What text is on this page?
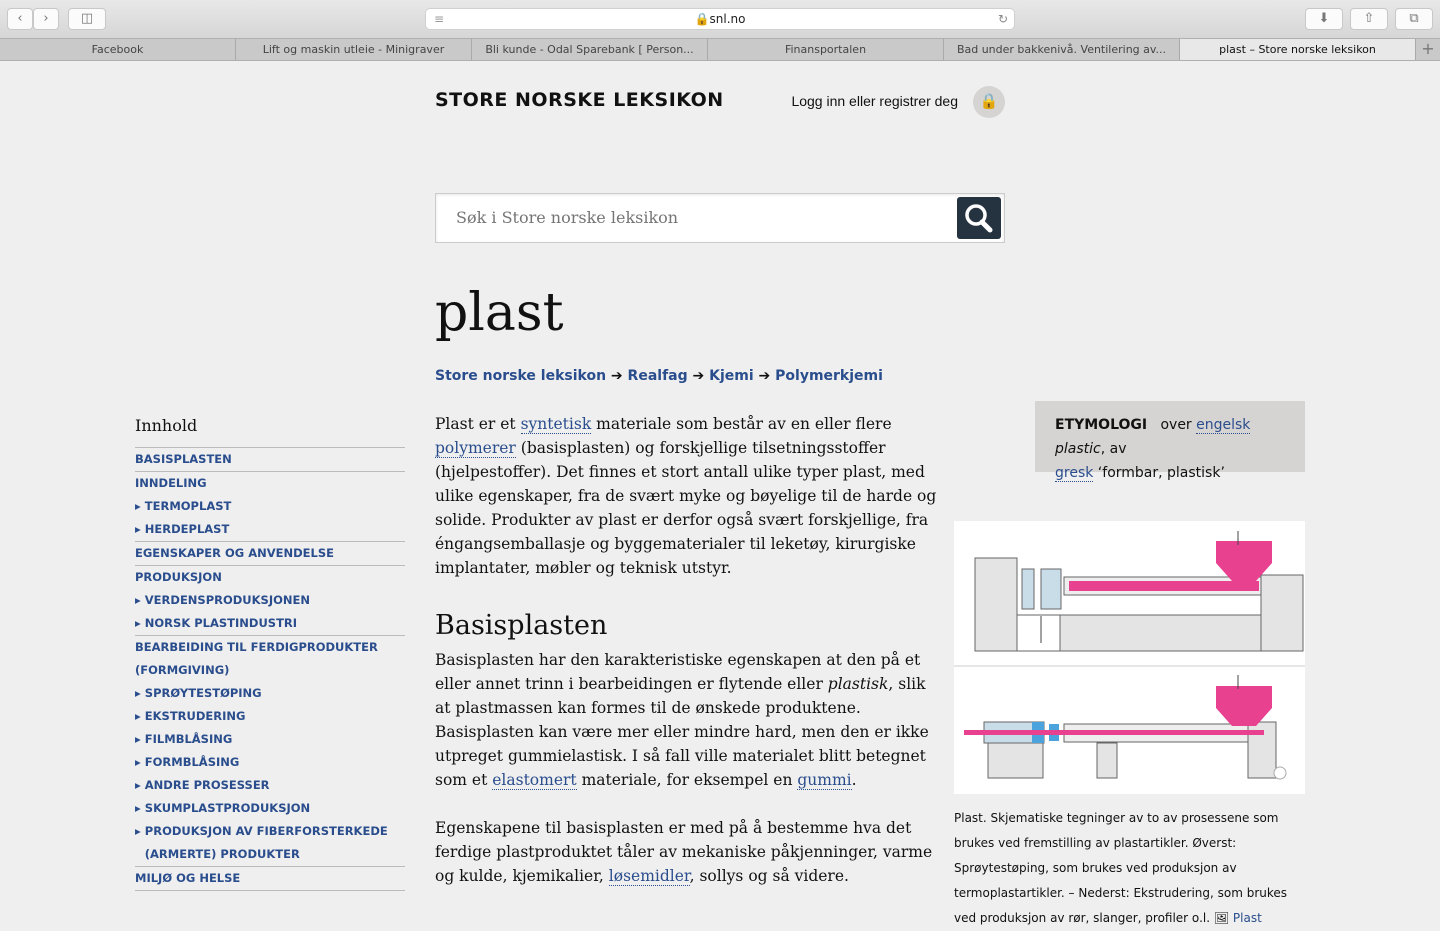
‹	›	◫	≡	🔒snl.no	↻	⬇	⇧	⧉
Facebook	Lift og maskin utleie - Minigraver	Bli kunde - Odal Sparebank [ Person...	Finansportalen	Bad under bakkenivå. Ventilering av...	plast – Store norske leksikon	+
STORE NORSKE LEKSIKON	Logg inn eller registrer deg	🔒
Søk i Store norske leksikon
plast
Store norske leksikon ➔ Realfag ➔ Kjemi ➔ Polymerkjemi
Innhold
BASISPLASTEN
INNDELING
▸ TERMOPLAST
▸ HERDEPLAST
EGENSKAPER OG ANVENDELSE
PRODUKSJON
▸ VERDENSPRODUKSJONEN
▸ NORSK PLASTINDUSTRI
BEARBEIDING TIL FERDIGPRODUKTER (FORMGIVING)
▸ SPRØYTESTØPING
▸ EKSTRUDERING
▸ FILMBLÅSING
▸ FORMBLÅSING
▸ ANDRE PROSESSER
▸ SKUMPLASTPRODUKSJON
▸ PRODUKSJON AV FIBERFORSTERKEDE (ARMERTE) PRODUKTER
MILJØ OG HELSE

Plast er et syntetisk materiale som består av en eller flere polymerer (basisplasten) og forskjellige tilsetningsstoffer (hjelpestoffer). Det finnes et stort antall ulike typer plast, med ulike egenskaper, fra de svært myke og bøyelige til de harde og solide. Produkter av plast er derfor også svært forskjellige, fra éngangsemballasje og byggematerialer til leketøy, kirurgiske implantater, møbler og teknisk utstyr.

Basisplasten

Basisplasten har den karakteristiske egenskapen at den på et eller annet trinn i bearbeidingen er flytende eller plastisk, slik at plastmassen kan formes til de ønskede produktene. Basisplasten kan være mer eller mindre hard, men den er ikke utpreget gummielastisk. I så fall ville materialet blitt betegnet som et elastomert materiale, for eksempel en gummi.

Egenskapene til basisplasten er med på å bestemme hva det ferdige plastproduktet tåler av mekaniske påkjenninger, varme og kulde, kjemikalier, løsemidler, sollys og så videre.

ETYMOLOGI over engelsk plastic, av
gresk ‘formbar, plastisk’
Plast. Skjematiske tegninger av to av prosessene som brukes ved fremstilling av plastartikler. Øverst: Sprøytestøping, som brukes ved produksjon av termoplastartikler. – Nederst: Ekstrudering, som brukes ved produksjon av rør, slanger, profiler o.l. 🖼 Plast
